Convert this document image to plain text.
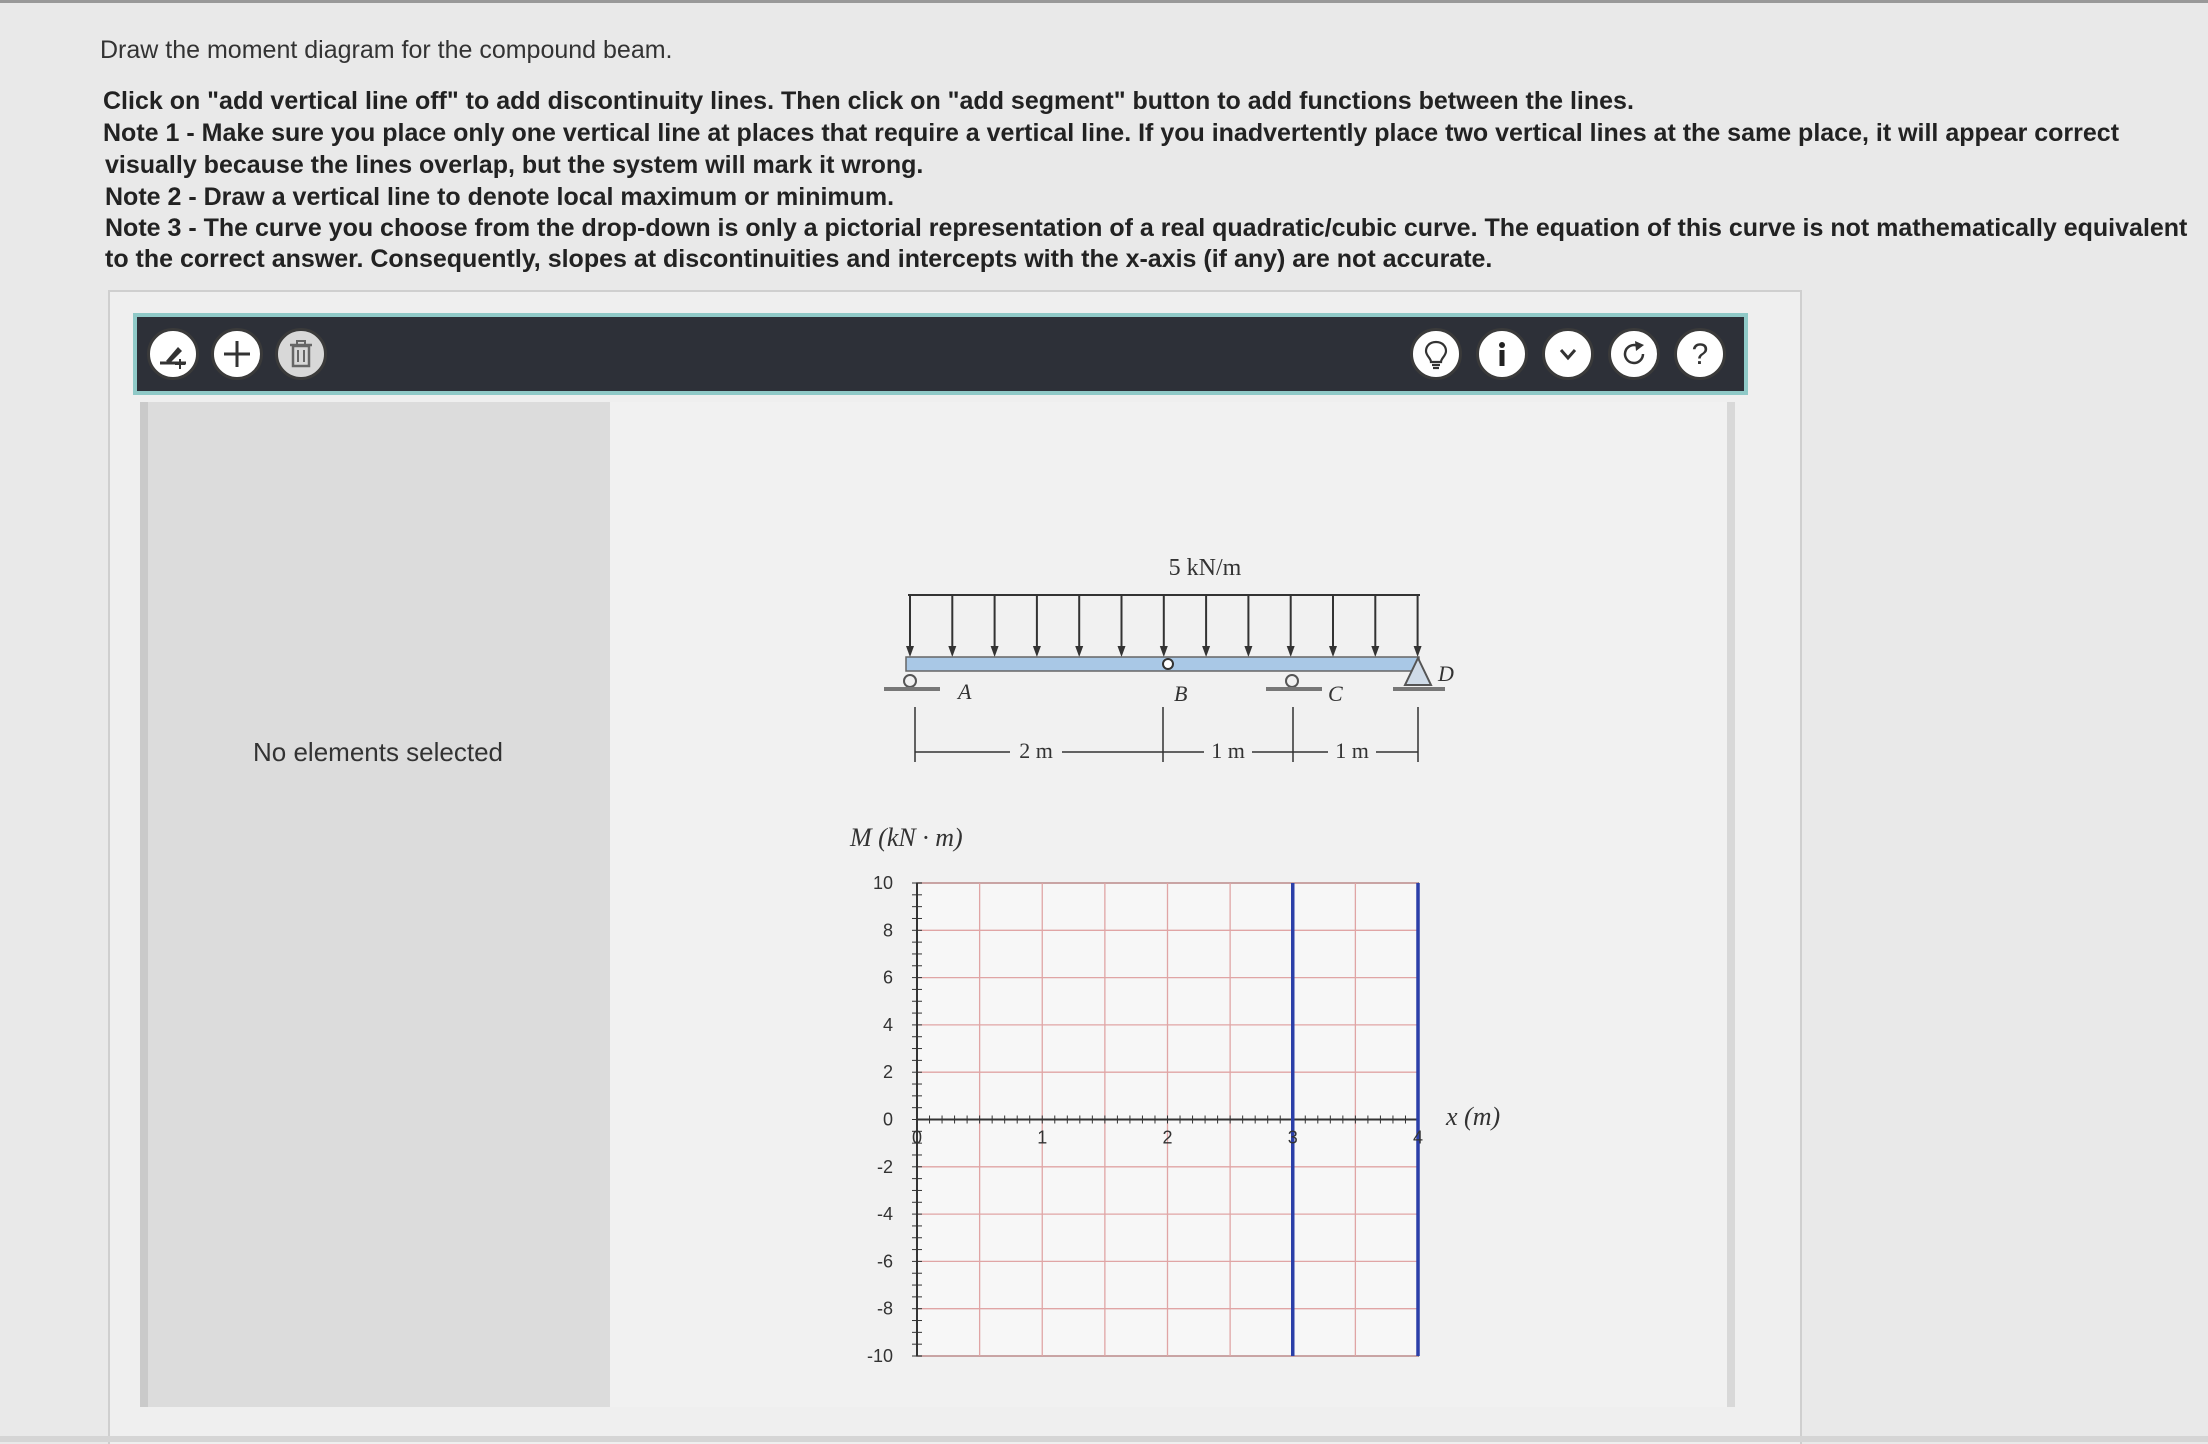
Draw the moment diagram for the compound beam.
Click on "add vertical line off" to add discontinuity lines. Then click on "add segment" button to add functions between the lines.
Note 1 - Make sure you place only one vertical line at places that require a vertical line. If you inadvertently place two vertical lines at the same place, it will appear correct
visually because the lines overlap, but the system will mark it wrong.
Note 2 - Draw a vertical line to denote local maximum or minimum.
Note 3 - The curve you choose from the drop-down is only a pictorial representation of a real quadratic/cubic curve. The equation of this curve is not mathematically equivalent
to the correct answer. Consequently, slopes at discontinuities and intercepts with the x-axis (if any) are not accurate.
?
No elements selected
5 kN/m
A	B	C
D
2 m	1 m	1 m
M (kN · m)
x (m)
10
8
6
4
2
0
-2
-4
-6
-8
-10
0	1	2	3	4
